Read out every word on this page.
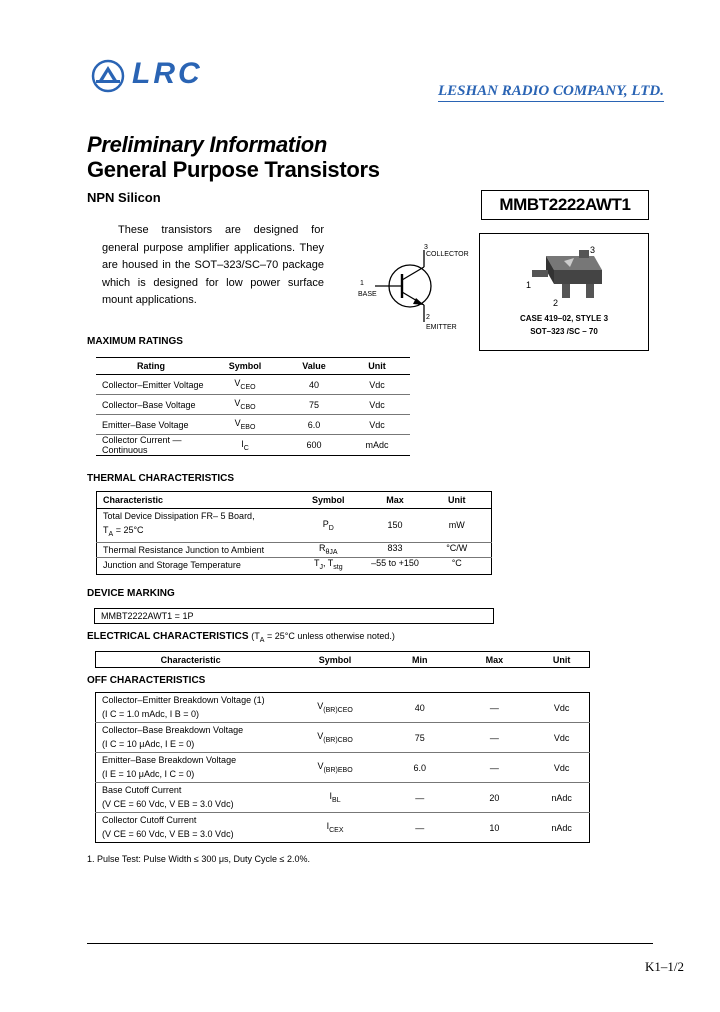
LRC
LESHAN RADIO COMPANY, LTD.
Preliminary Information
General Purpose Transistors
NPN Silicon	MMBT2222AWT1
These transistors are designed for general purpose amplifier applications. They are housed in the SOT–323/SC–70 package which is designed for low power surface mount applications.
3
COLLECTOR
1
BASE
2
EMITTER
3
1
2
CASE 419–02, STYLE 3
SOT–323 /SC – 70
MAXIMUM RATINGS
Rating	Symbol	Value	Unit
Collector–Emitter Voltage	$V_{CEO}$	40	Vdc
Collector–Base Voltage	$V_{CBO}$	75	Vdc
Emitter–Base Voltage	$V_{EBO}$	6.0	Vdc
Collector Current — Continuous	$I_C$	600	mAdc
THERMAL CHARACTERISTICS
Characteristic	Symbol	Max	Unit

Total Device Dissipation FR– 5 Board,
$T_A = 25^\circ C$	$P_D$	150	mW
Thermal Resistance Junction to Ambient	$R_{\theta JA}$	833	°C/W
Junction and Storage Temperature	$T_J$, $T_{stg}$	–55 to +150	°C
DEVICE MARKING
MMBT2222AWT1 = 1P
ELECTRICAL CHARACTERISTICS ($T_A = 25^\circ C$ unless otherwise noted.)
Characteristic	Symbol	Min	Max	Unit
OFF CHARACTERISTICS
Collector–Emitter Breakdown Voltage (1)
(I C = 1.0 mAdc, I B = 0)	$V_{(BR)CEO}$	40	—	Vdc

Collector–Base Breakdown Voltage
(I C = 10 μAdc, I E = 0)	$V_{(BR)CBO}$	75	—	Vdc

Emitter–Base Breakdown Voltage
(I E = 10 μAdc, I C = 0)	$V_{(BR)EBO}$	6.0	—	Vdc

Base Cutoff Current
(V CE = 60 Vdc, V EB = 3.0 Vdc)	$I_{BL}$	—	20	nAdc

Collector Cutoff Current
(V CE = 60 Vdc, V EB = 3.0 Vdc)	$I_{CEX}$	—	10	nAdc
1. Pulse Test: Pulse Width ≤ 300 μs, Duty Cycle ≤ 2.0%.
K1–1/2
